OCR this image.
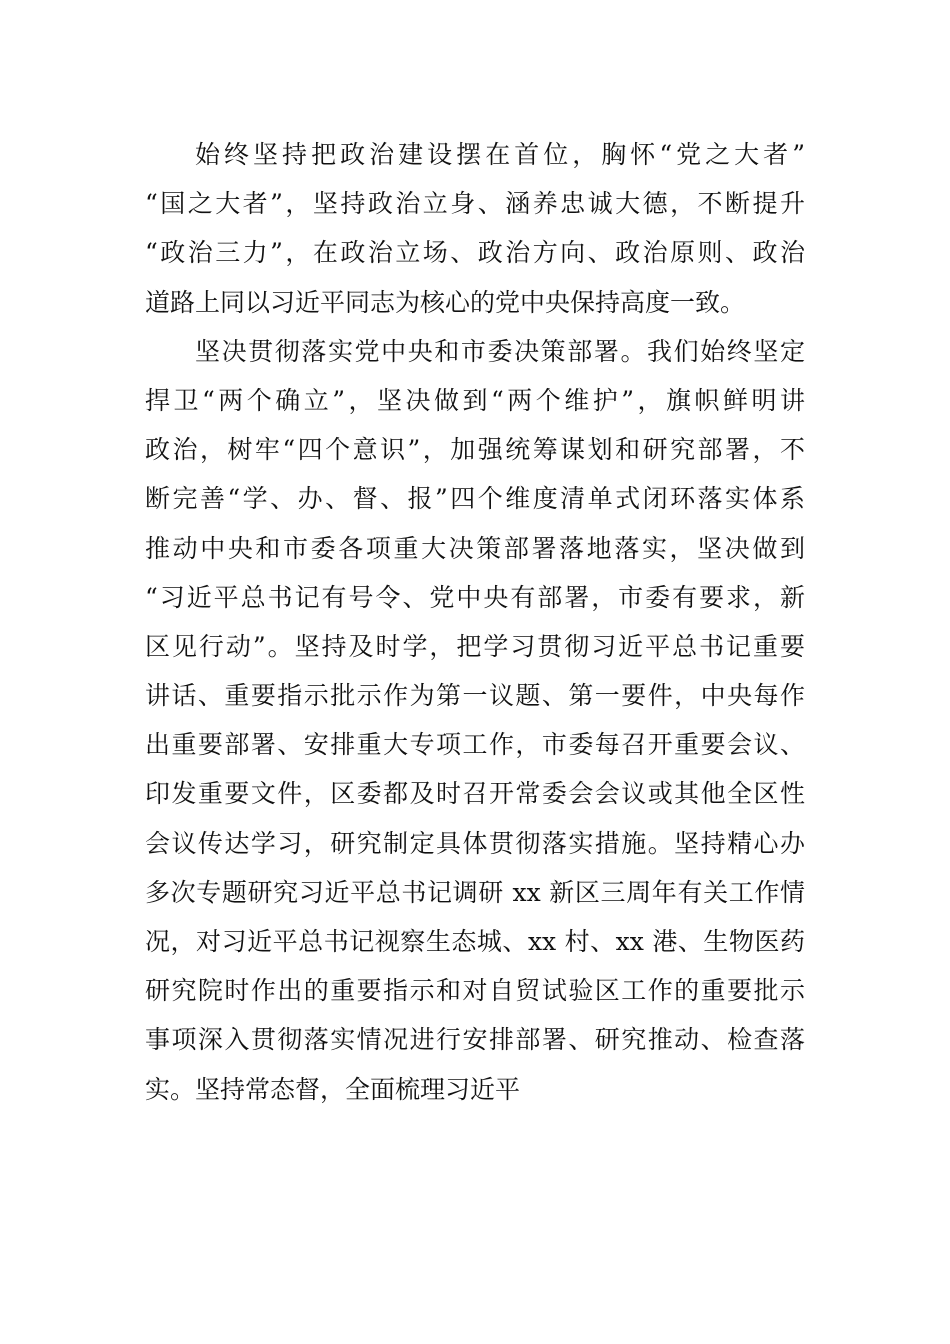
始终坚持把政治建设摆在首位，胸怀“党之大者”
“国之大者”，坚持政治立身、涵养忠诚大德，不断提升
“政治三力”，在政治立场、政治方向、政治原则、政治
道路上同以习近平同志为核心的党中央保持高度一致。
坚决贯彻落实党中央和市委决策部署。我们始终坚定
捍卫“两个确立”，坚决做到“两个维护”，旗帜鲜明讲
政治，树牢“四个意识”，加强统筹谋划和研究部署，不
断完善“学、办、督、报”四个维度清单式闭环落实体系
推动中央和市委各项重大决策部署落地落实，坚决做到
“习近平总书记有号令、党中央有部署，市委有要求，新
区见行动”。坚持及时学，把学习贯彻习近平总书记重要
讲话、重要指示批示作为第一议题、第一要件，中央每作
出重要部署、安排重大专项工作，市委每召开重要会议、
印发重要文件，区委都及时召开常委会会议或其他全区性
会议传达学习，研究制定具体贯彻落实措施。坚持精心办
多次专题研究习近平总书记调研 xx 新区三周年有关工作情
况，对习近平总书记视察生态城、xx 村、xx 港、生物医药
研究院时作出的重要指示和对自贸试验区工作的重要批示
事项深入贯彻落实情况进行安排部署、研究推动、检查落
实。坚持常态督，全面梳理习近平
